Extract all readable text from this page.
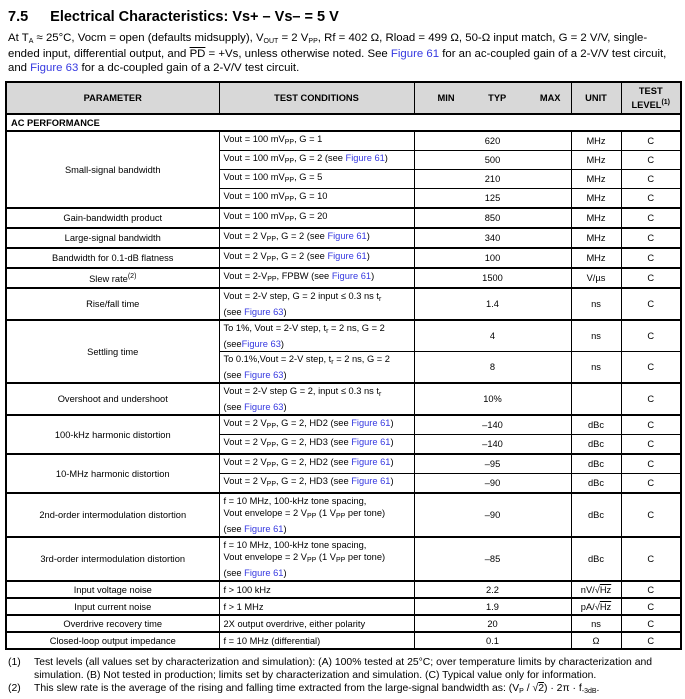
7.5 Electrical Characteristics: Vs+ – Vs– = 5 V

At $T_A \approx 25^\circ C$, Vocm = open (defaults midsupply), $V_{OUT} = 2$ $V_{PP}$, Rf = 402 Ω, Rload = 499 Ω, 50-Ω input match, G = 2 V/V, single-ended input, differential output, and $\overline{PD} = +Vs$, unless otherwise noted. See Figure 61 for an ac-coupled gain of a 2-V/V test circuit, and Figure 63 for a dc-coupled gain of a 2-V/V test circuit.

PARAMETER	TEST CONDITIONS	MIN TYP MAX	UNIT	TEST
LEVEL$^{(1)}$
AC PERFORMANCE				
Small-signal bandwidth	Vout = 100 $mV_{PP}$, G = 1	620	MHz	C
	Vout = 100 $mV_{PP}$, G = 2 (see Figure 61)	500	MHz	C
	Vout = 100 $mV_{PP}$, G = 5	210	MHz	C
	Vout = 100 $mV_{PP}$, G = 10	125	MHz	C
Gain-bandwidth product	Vout = 100 $mV_{PP}$, G = 20	850	MHz	C
Large-signal bandwidth	Vout = 2 $V_{PP}$, G = 2 (see Figure 61)	340	MHz	C
Bandwidth for 0.1-dB flatness	Vout = 2 $V_{PP}$, G = 2 (see Figure 61)	100	MHz	C
Slew rate$^{(2)}$	Vout = $2-V_{PP}$, FPBW (see Figure 61)	1500	V/µs	C
Rise/fall time	Vout = 2-V step, G = 2 input ≤ 0.3 ns $t_r$
(see Figure 63)	1.4	ns	C
Settling time	To 1%, Vout = 2-V step, $t_r = 2$ ns, G = 2
(seeFigure 63)	4	ns	C
	To 0.1%,Vout = 2-V step, $t_r = 2$ ns, G = 2
(see Figure 63)	8	ns	C
Overshoot and undershoot	Vout = 2-V step G = 2, input ≤ 0.3 ns $t_r$
(see Figure 63)	10%		C
100-kHz harmonic distortion	Vout = 2 $V_{PP}$, G = 2, HD2 (see Figure 61)	–140	dBc	C
	Vout = 2 $V_{PP}$, G = 2, HD3 (see Figure 61)	–140	dBc	C
10-MHz harmonic distortion	Vout = 2 $V_{PP}$, G = 2, HD2 (see Figure 61)	–95	dBc	C
	Vout = 2 $V_{PP}$, G = 2, HD3 (see Figure 61)	–90	dBc	C
2nd-order intermodulation distortion	f = 10 MHz, 100-kHz tone spacing,
Vout envelope = 2 $V_{PP}$ (1 $V_{PP}$ per tone)
(see Figure 61)	–90	dBc	C
3rd-order intermodulation distortion	f = 10 MHz, 100-kHz tone spacing,
Vout envelope = 2 $V_{PP}$ (1 $V_{PP}$ per tone)
(see Figure 61)	–85	dBc	C
Input voltage noise	f > 100 kHz	2.2	nV/√Hz	C
Input current noise	f > 1 MHz	1.9	pA/√Hz	C
Overdrive recovery time	2X output overdrive, either polarity	20	ns	C
Closed-loop output impedance	f = 10 MHz (differential)	0.1	Ω	C
(1)	Test levels (all values set by characterization and simulation): (A) 100% tested at 25°C; over temperature limits by characterization and simulation. (B) Not tested in production; limits set by characterization and simulation. (C) Typical value only for information.
(2)	This slew rate is the average of the rising and falling time extracted from the large-signal bandwidth as: $(V_P / √2) \cdot 2\pi \cdot f_{-3dB}$.
